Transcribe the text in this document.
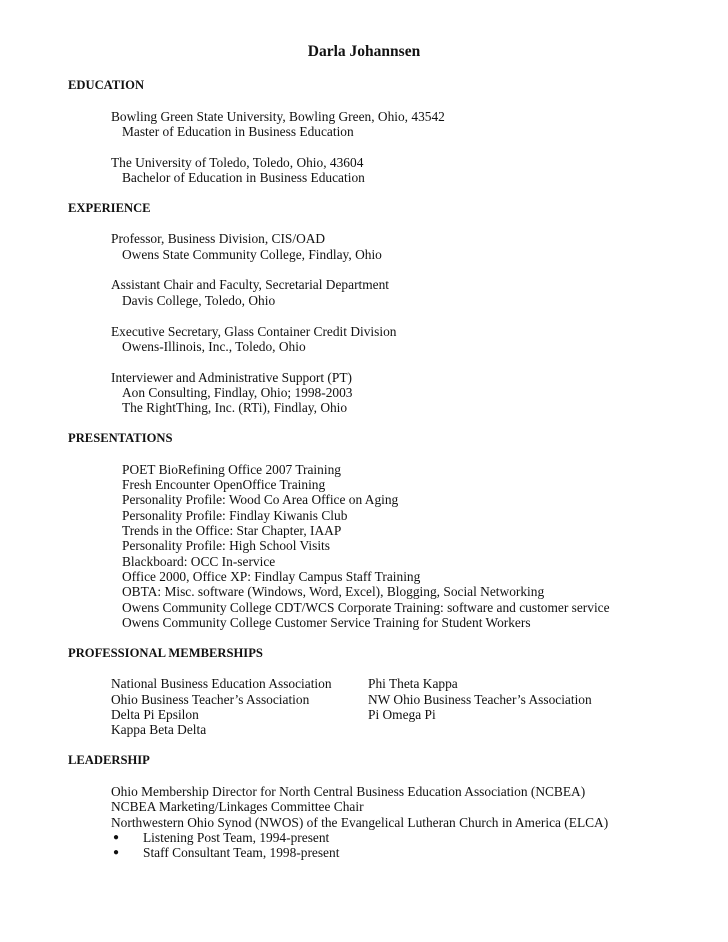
Darla Johannsen
EDUCATION
Bowling Green State University, Bowling Green, Ohio, 43542
Master of Education in Business Education
The University of Toledo, Toledo, Ohio, 43604
Bachelor of Education in Business Education
EXPERIENCE
Professor, Business Division, CIS/OAD
Owens State Community College, Findlay, Ohio
Assistant Chair and Faculty, Secretarial Department
Davis College, Toledo, Ohio
Executive Secretary, Glass Container Credit Division
Owens-Illinois, Inc., Toledo, Ohio
Interviewer and Administrative Support (PT)
Aon Consulting, Findlay, Ohio; 1998-2003
The RightThing, Inc. (RTi), Findlay, Ohio
PRESENTATIONS
POET BioRefining Office 2007 Training
Fresh Encounter OpenOffice Training
Personality Profile: Wood Co Area Office on Aging
Personality Profile: Findlay Kiwanis Club
Trends in the Office: Star Chapter, IAAP
Personality Profile: High School Visits
Blackboard: OCC In-service
Office 2000, Office XP: Findlay Campus Staff Training
OBTA: Misc. software (Windows, Word, Excel), Blogging, Social Networking
Owens Community College CDT/WCS Corporate Training: software and customer service
Owens Community College Customer Service Training for Student Workers
PROFESSIONAL MEMBERSHIPS
National Business Education Association	Phi Theta Kappa
Ohio Business Teacher’s Association	NW Ohio Business Teacher’s Association
Delta Pi Epsilon	Pi Omega Pi
Kappa Beta Delta
LEADERSHIP
Ohio Membership Director for North Central Business Education Association (NCBEA)
NCBEA Marketing/Linkages Committee Chair
Northwestern Ohio Synod (NWOS) of the Evangelical Lutheran Church in America (ELCA)
● Listening Post Team, 1994-present
● Staff Consultant Team, 1998-present
